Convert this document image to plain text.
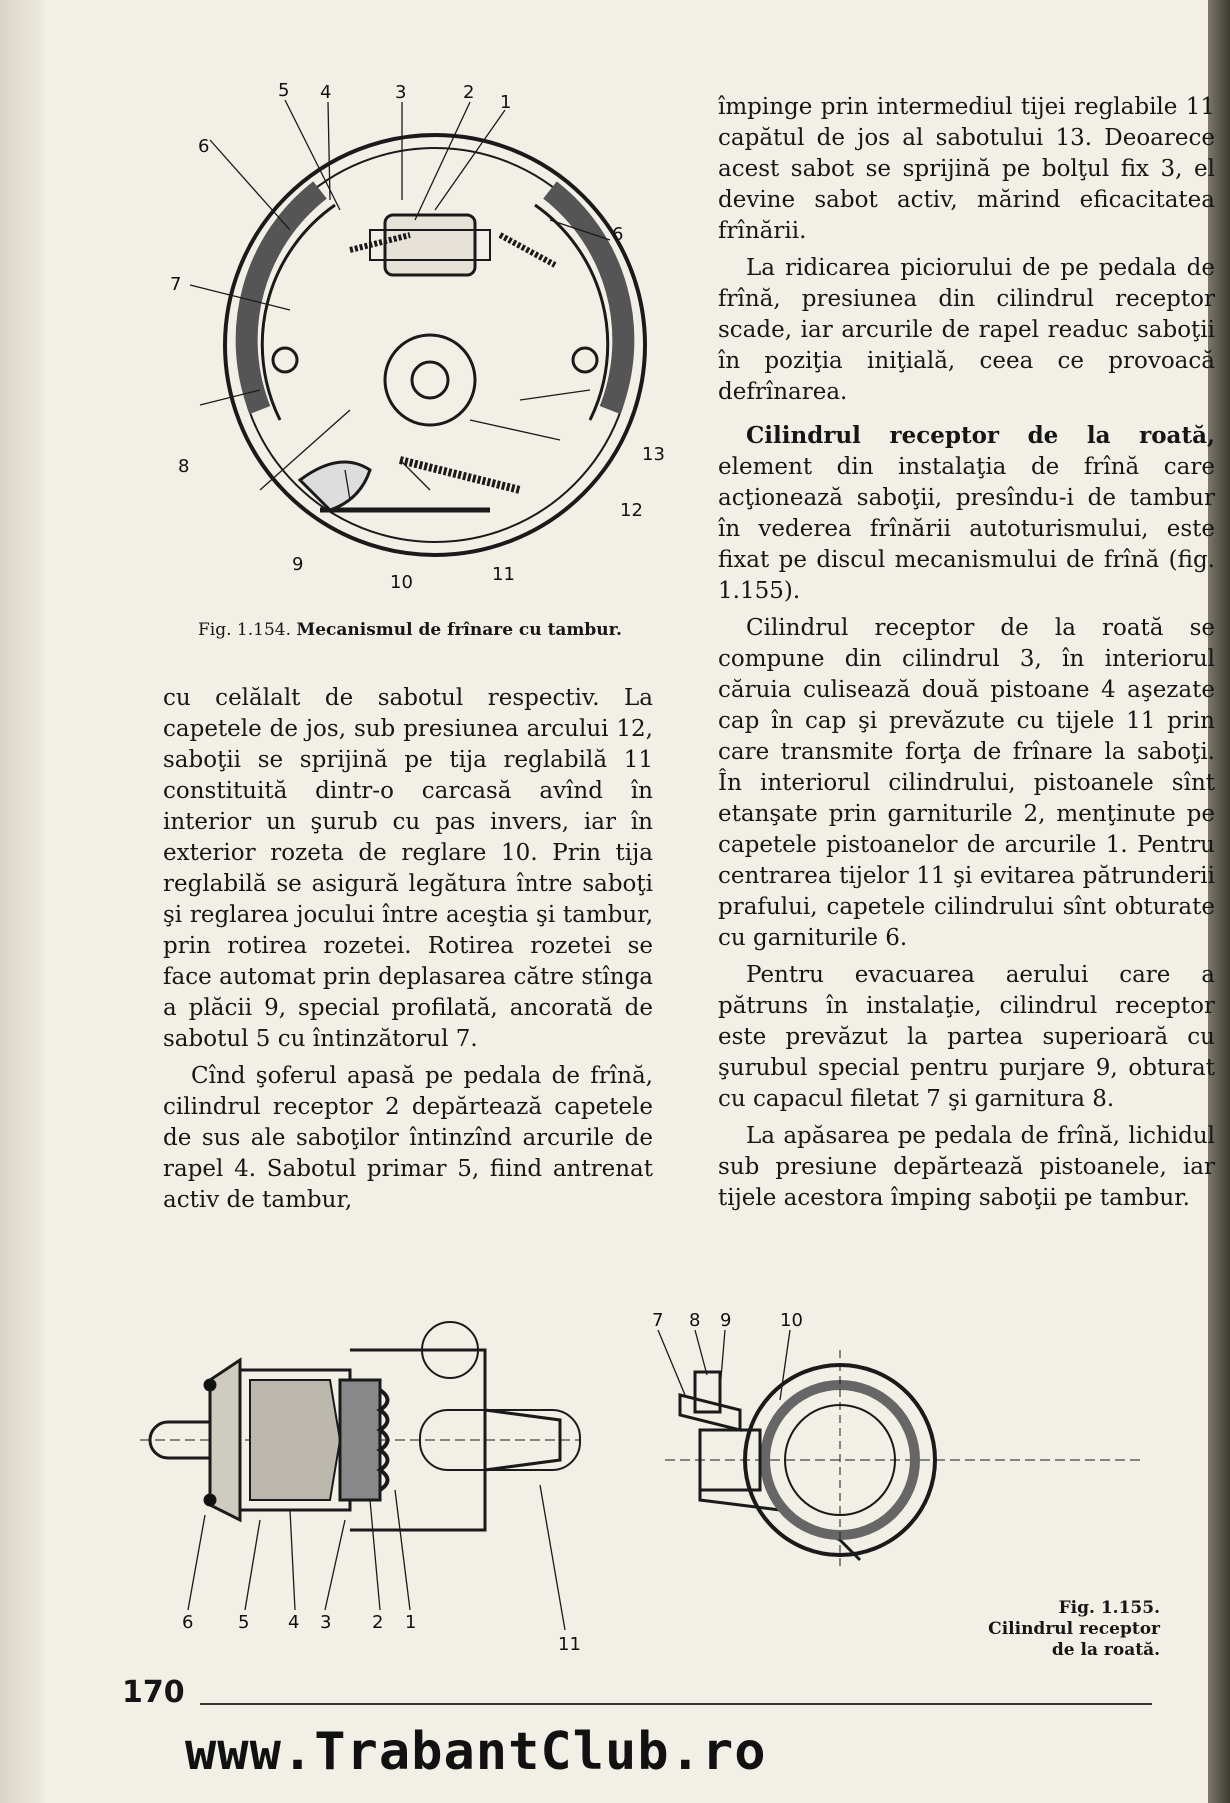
5 4	3	2 1
6
6
7
8
13
12
9
10	11
Fig. 1.154. Mecanismul de frînare cu tambur.

cu celălalt de sabotul respectiv. La capetele de jos, sub presiunea arcului 12, saboţii se sprijină pe tija reglabilă 11 constituită dintr-o carcasă avînd în interior un şurub cu pas invers, iar în exterior rozeta de reglare 10. Prin tija reglabilă se asigură legătura între saboţi şi reglarea jocului între aceştia şi tambur, prin rotirea rozetei. Rotirea rozetei se face automat prin deplasarea către stînga a plăcii 9, special profilată, ancorată de sabotul 5 cu întinzătorul 7.

Cînd şoferul apasă pe pedala de frînă, cilindrul receptor 2 depărtează capetele de sus ale saboţilor întinzînd arcurile de rapel 4. Sabotul primar 5, fiind antrenat activ de tambur,

împinge prin intermediul tijei reglabile 11 capătul de jos al sabotului 13. Deoarece acest sabot se sprijină pe bolţul fix 3, el devine sabot activ, mărind eficacitatea frînării.

La ridicarea piciorului de pe pedala de frînă, presiunea din cilindrul receptor scade, iar arcurile de rapel readuc saboţii în poziţia iniţială, ceea ce provoacă defrînarea.

Cilindrul receptor de la roată, element din instalaţia de frînă care acţionează saboţii, presîndu-i de tambur în vederea frînării autoturismului, este fixat pe discul mecanismului de frînă (fig. 1.155).

Cilindrul receptor de la roată se compune din cilindrul 3, în interiorul căruia culisează două pistoane 4 aşezate cap în cap şi prevăzute cu tijele 11 prin care transmite forţa de frînare la saboţi. În interiorul cilindrului, pistoanele sînt etanşate prin garniturile 2, menţinute pe capetele pistoanelor de arcurile 1. Pentru centrarea tijelor 11 şi evitarea pătrunderii prafului, capetele cilindrului sînt obturate cu garniturile 6.

Pentru evacuarea aerului care a pătruns în instalaţie, cilindrul receptor este prevăzut la partea superioară cu şurubul special pentru purjare 9, obturat cu capacul filetat 7 şi garnitura 8.

La apăsarea pe pedala de frînă, lichidul sub presiune depărtează pistoanele, iar tijele acestora împing saboţii pe tambur.

6 5 4 3 2 1
11
7 8 9	10
Fig. 1.155. Cilindrul receptor de la roată.
170
www.TrabantClub.ro
